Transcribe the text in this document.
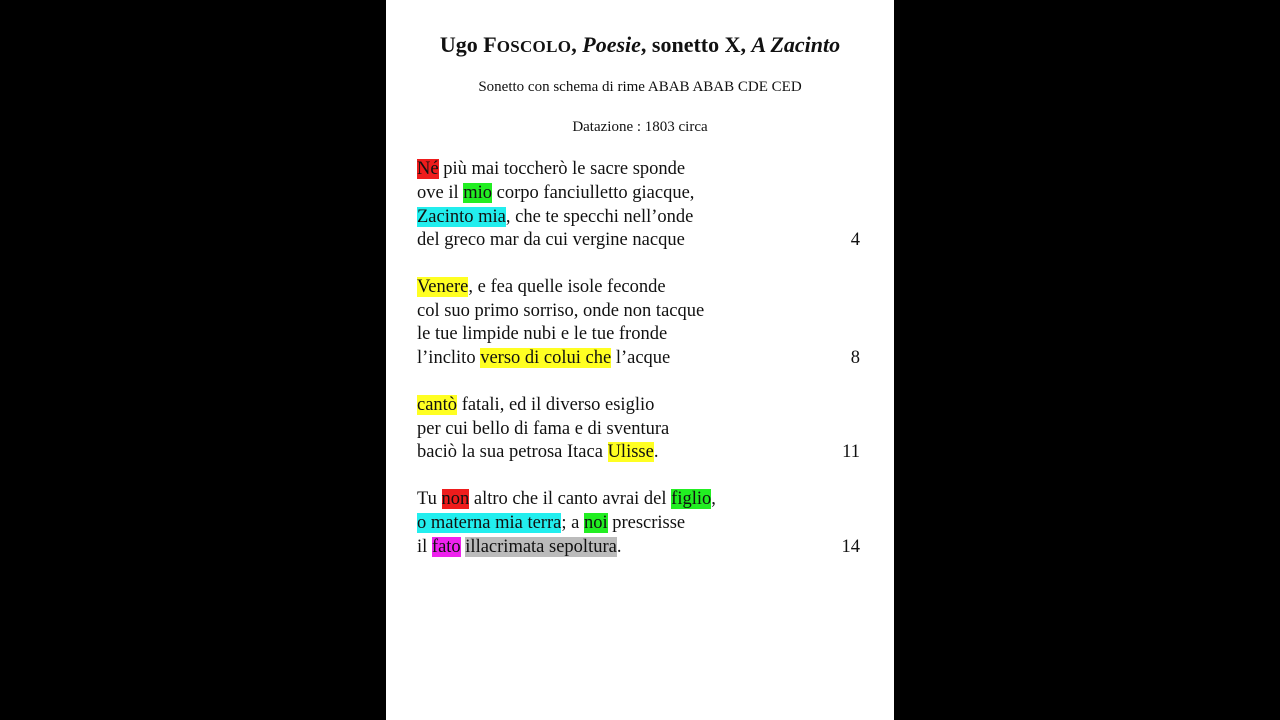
Ugo FOSCOLO, Poesie, sonetto X, A Zacinto
Sonetto con schema di rime ABAB ABAB CDE CED
Datazione : 1803 circa
Né più mai toccherò le sacre sponde
ove il mio corpo fanciulletto giacque,
Zacinto mia, che te specchi nell’onde
del greco mar da cui vergine nacque	4
Venere, e fea quelle isole feconde
col suo primo sorriso, onde non tacque
le tue limpide nubi e le tue fronde
l’inclito verso di colui che l’acque	8
cantò fatali, ed il diverso esiglio
per cui bello di fama e di sventura
baciò la sua petrosa Itaca Ulisse.	11
Tu non altro che il canto avrai del figlio,
o materna mia terra; a noi prescrisse
il fato illacrimata sepoltura.	14
